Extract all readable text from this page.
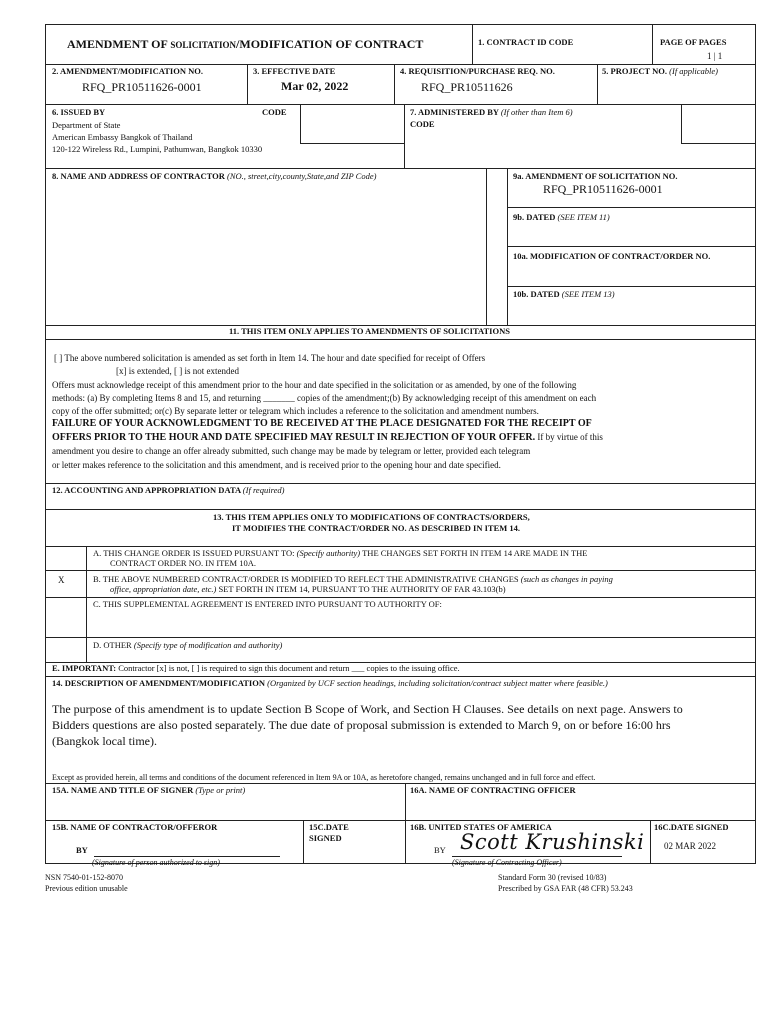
AMENDMENT OF SOLICITATION/MODIFICATION OF CONTRACT	1. CONTRACT ID CODE	PAGE OF PAGES
1 | 1
2. AMENDMENT/MODIFICATION NO.
RFQ_PR10511626-0001
3. EFFECTIVE DATE
Mar 02, 2022
4. REQUISITION/PURCHASE REQ. NO.
RFQ_PR10511626
5. PROJECT NO. (If applicable)
6. ISSUED BY	CODE
Department of State
American Embassy Bangkok of Thailand
120-122 Wireless Rd., Lumpini, Pathumwan, Bangkok 10330
7. ADMINISTERED BY (If other than Item 6)
CODE
8. NAME AND ADDRESS OF CONTRACTOR (NO., street,city,county,State,and ZIP Code)	9a. AMENDMENT OF SOLICITATION NO.
RFQ_PR10511626-0001
9b. DATED (SEE ITEM 11)
10a. MODIFICATION OF CONTRACT/ORDER NO.
10b. DATED (SEE ITEM 13)
11. THIS ITEM ONLY APPLIES TO AMENDMENTS OF SOLICITATIONS
[ ] The above numbered solicitation is amended as set forth in Item 14. The hour and date specified for receipt of Offers
[x] is extended, [ ] is not extended
Offers must acknowledge receipt of this amendment prior to the hour and date specified in the solicitation or as amended, by one of the following
methods: (a) By completing Items 8 and 15, and returning _______ copies of the amendment;(b) By acknowledging receipt of this amendment on each
copy of the offer submitted; or(c) By separate letter or telegram which includes a reference to the solicitation and amendment numbers.
FAILURE OF YOUR ACKNOWLEDGMENT TO BE RECEIVED AT THE PLACE DESIGNATED FOR THE RECEIPT OF
OFFERS PRIOR TO THE HOUR AND DATE SPECIFIED MAY RESULT IN REJECTION OF YOUR OFFER. If by virtue of this
amendment you desire to change an offer already submitted, such change may be made by telegram or letter, provided each telegram
or letter makes reference to the solicitation and this amendment, and is received prior to the opening hour and date specified.
12. ACCOUNTING AND APPROPRIATION DATA (If required)
13. THIS ITEM APPLIES ONLY TO MODIFICATIONS OF CONTRACTS/ORDERS,
IT MODIFIES THE CONTRACT/ORDER NO. AS DESCRIBED IN ITEM 14.
A. THIS CHANGE ORDER IS ISSUED PURSUANT TO: (Specify authority) THE CHANGES SET FORTH IN ITEM 14 ARE MADE IN THE
CONTRACT ORDER NO. IN ITEM 10A.
X	B. THE ABOVE NUMBERED CONTRACT/ORDER IS MODIFIED TO REFLECT THE ADMINISTRATIVE CHANGES (such as changes in paying
office, appropriation date, etc.) SET FORTH IN ITEM 14, PURSUANT TO THE AUTHORITY OF FAR 43.103(b)
C. THIS SUPPLEMENTAL AGREEMENT IS ENTERED INTO PURSUANT TO AUTHORITY OF:
D. OTHER (Specify type of modification and authority)
E. IMPORTANT: Contractor [x] is not, [ ] is required to sign this document and return ___ copies to the issuing office.
14. DESCRIPTION OF AMENDMENT/MODIFICATION (Organized by UCF section headings, including solicitation/contract subject matter where feasible.)
The purpose of this amendment is to update Section B Scope of Work, and Section H Clauses. See details on next page. Answers to
Bidders questions are also posted separately. The due date of proposal submission is extended to March 9, on or before 16:00 hrs
(Bangkok local time).
Except as provided herein, all terms and conditions of the document referenced in Item 9A or 10A, as heretofore changed, remains unchanged and in full force and effect.
15A. NAME AND TITLE OF SIGNER (Type or print)	16A. NAME OF CONTRACTING OFFICER
15B. NAME OF CONTRACTOR/OFFEROR
BY
(Signature of person authorized to sign)
15C.DATE
SIGNED
16B. UNITED STATES OF AMERICA
BY Scott Krushinski
(Signature of Contracting Officer)
16C.DATE SIGNED
02 MAR 2022
NSN 7540-01-152-8070
Previous edition unusable
Standard Form 30 (revised 10/83)
Prescribed by GSA FAR (48 CFR) 53.243
